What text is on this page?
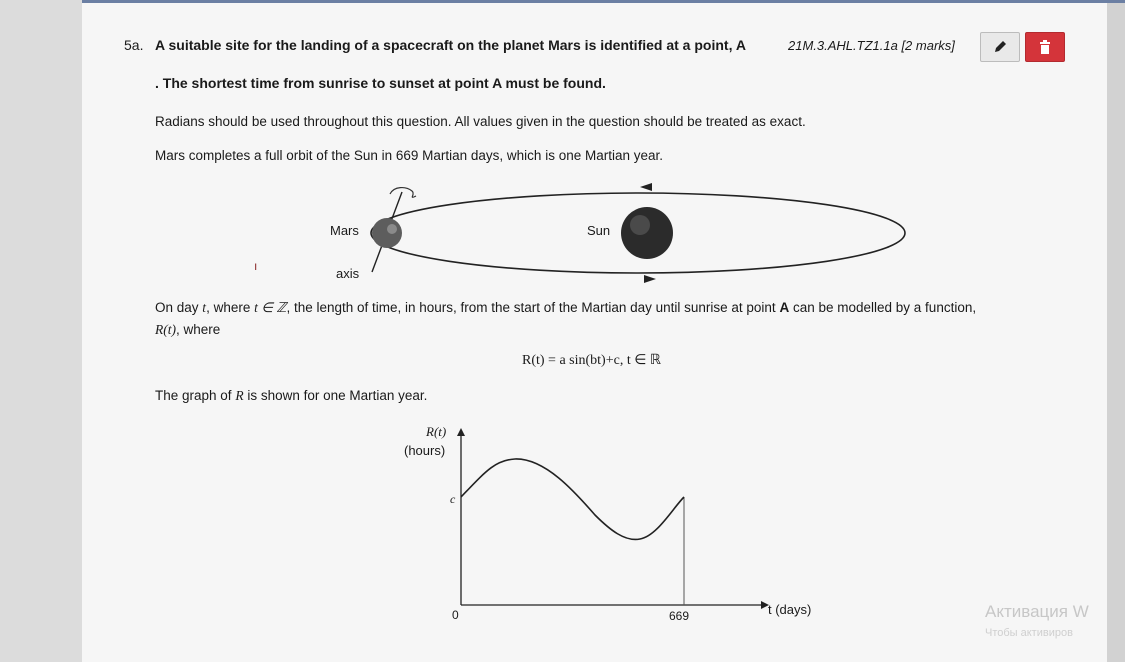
5a. A suitable site for the landing of a spacecraft on the planet Mars is identified at a point, A	21M.3.AHL.TZ1.1a [2 marks]
. The shortest time from sunrise to sunset at point A must be found.
Radians should be used throughout this question. All values given in the question should be treated as exact.
Mars completes a full orbit of the Sun in 669 Martian days, which is one Martian year.
ı
Mars
axis
Sun
On day t, where t ∈ ℤ, the length of time, in hours, from the start of the Martian day until sunrise at point A can be modelled by a function,
R(t), where
R(t) = a sin(bt)+c, t ∈ ℝ
The graph of R is shown for one Martian year.
R(t)
(hours)
c
0	669	t (days)	Активация W
Чтобы активиров
